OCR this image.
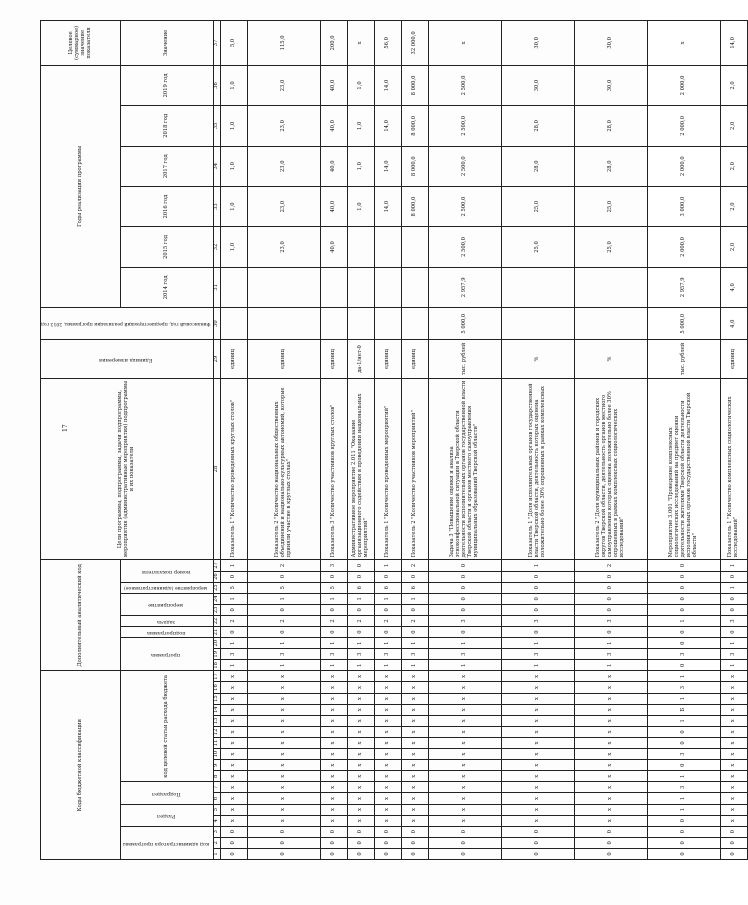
17
Коды бюджетной классификации																	Дополнительный аналитический код										Цели программы, подпрограммы, задачи подпрограммы, мероприятия (административные мероприятия) подпрограммы и их показатели	Единица измерения	Финансовый год, предшествующий реализации программы, 2013 год	Годы реализации программы						Целевое (суммарное) значение показателя
код администратора программы			Раздел		Подраздел		код целевой статьи расхода бюджета										программа			подпрограмма	задача	мероприятие		мероприятие (административное)	номер показателя					2014 год	2015 год	2016 год	2017 год	2018 год	2019 год	Значение
1	2	3	4	5	6	7	8	9	10	11	12	13	14	15	16	17	18	19	20	21	22	23	24	25	26	27	28	29	30	31	32	33	34	35	36	37
0	0	0	x	x	x	x	x	x	x	x	x	x	x	x	x	x	1	3	1	0	2	0	1	5	0	1	Показатель 1 "Количество проведенных круглых столов"	единиц			1,0	1,0	1,0	1,0	1,0	5,0
0	0	0	x	x	x	x	x	x	x	x	x	x	x	x	x	x	1	3	1	0	2	0	1	5	0	2	Показатель 2 "Количество национальных общественных объединений и национально-культурных автономий, которые приняли участие в круглых столах"	единиц			23,0	23,0	23,0	23,0	23,0	115,0
0	0	0	x	x	x	x	x	x	x	x	x	x	x	x	x	x	1	3	1	0	2	0	1	5	0	3	Показатель 3 "Количество участников круглых столов"	единиц			40,0	40,0	40,0	40,0	40,0	200,0
0	0	0	x	x	x	x	x	x	x	x	x	x	x	x	x	x	1	3	1	0	2	0	1	6	0	0	Административное мероприятие 2.011 "Оказание организационного содействия в проведении национальных мероприятий"	да-1/нет-0				1,0	1,0	1,0	1,0	x
0	0	0	x	x	x	x	x	x	x	x	x	x	x	x	x	x	1	3	1	0	2	0	1	6	0	1	Показатель 1 "Количество проведенных мероприятий"	единиц				14,0	14,0	14,0	14,0	56,0
0	0	0	x	x	x	x	x	x	x	x	x	x	x	x	x	x	1	3	1	0	2	0	1	6	0	2	Показатель 2 "Количество участников мероприятий"	единиц				8 000,0	8 000,0	8 000,0	8 000,0	32 000,0
0	0	0	x	x	x	x	x	x	x	x	x	x	x	x	x	x	1	3	1	0	3	0	0	0	0	0	Задача 3 "Повышение оценки и анализа этноконфессиональной ситуации в Тверской области деятельности исполнительных органов государственной власти Тверской области и органов местного самоуправления муниципальных образований Тверской области"	тыс. рублей	5 000,0	2 957,9	2 500,0	2 500,0	2 500,0	2 500,0	2 500,0	x
0	0	0	x	x	x	x	x	x	x	x	x	x	x	x	x	x	1	3	1	0	3	0	0	0	0	1	Показатель 1 "Доля исполнительных органов государственной власти Тверской области, деятельность которых оценена положительно более 30% опрошенных в рамках комплексных	%			25,0	25,0	28,0	28,0	30,0	30,0
0	0	0	x	x	x	x	x	x	x	x	x	x	x	x	x	x	1	3	1	0	3	0	0	0	0	2	Показатель 2 "Доля муниципальных районов и городских округов Тверской области, деятельность органов местного самоуправления которых оценена положительно более 30% опрошенных в рамках комплексных социологических исследований"	%			25,0	25,0	28,0	28,0	30,0	30,0
0	0	0	0	1	1	3	1	0	3	0	0	1	Б	1	3	1	0	3	0	0	1	0	0	0	0	0	Мероприятие 3.001 "Проведение комплексных социологических исследований на предмет оценки деятельности жителями Тверской области деятельности исполнительных органов государственной власти Тверской области"	тыс. рублей	5 000,0	2 957,9	2 000,0	3 000,0	2 000,0	2 000,0	2 000,0	x
0	0	0	x	x	x	x	x	x	x	x	x	x	x	x	x	x	1	3	1	0	3	0	0	1	0	1	Показатель 1 "Количество комплексных социологических исследований"	единиц	4,0	4,0	2,0	2,0	2,0	2,0	2,0	14,0
